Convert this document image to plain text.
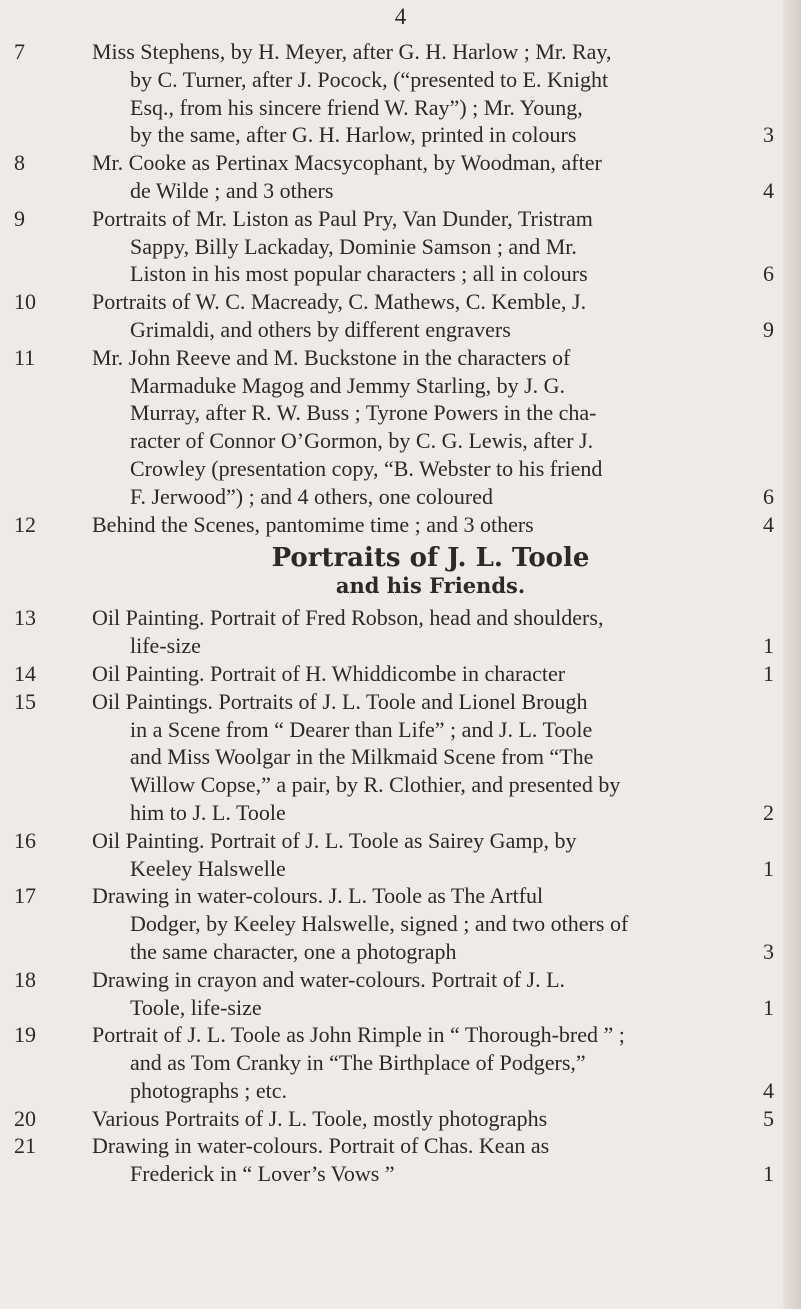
4
7	Miss Stephens, by H. Meyer, after G. H. Harlow ; Mr. Ray,
by C. Turner, after J. Pocock, (“presented to E. Knight
Esq., from his sincere friend W. Ray”) ; Mr. Young,
by the same, after G. H. Harlow, printed in colours	3
8	Mr. Cooke as Pertinax Macsycophant, by Woodman, after
de Wilde ; and 3 others	4
9	Portraits of Mr. Liston as Paul Pry, Van Dunder, Tristram
Sappy, Billy Lackaday, Dominie Samson ; and Mr.
Liston in his most popular characters ; all in colours	6
10	Portraits of W. C. Macready, C. Mathews, C. Kemble, J.
Grimaldi, and others by different engravers	9
11	Mr. John Reeve and M. Buckstone in the characters of
Marmaduke Magog and Jemmy Starling, by J. G.
Murray, after R. W. Buss ; Tyrone Powers in the cha-
racter of Connor O’Gormon, by C. G. Lewis, after J.
Crowley (presentation copy, “B. Webster to his friend
F. Jerwood”) ; and 4 others, one coloured	6
12	Behind the Scenes, pantomime time ; and 3 others	4
Portraits of J. L. Toole
and his Friends.
13	Oil Painting. Portrait of Fred Robson, head and shoulders,
life-size	1
14	Oil Painting. Portrait of H. Whiddicombe in character	1
15	Oil Paintings. Portraits of J. L. Toole and Lionel Brough
in a Scene from “ Dearer than Life” ; and J. L. Toole
and Miss Woolgar in the Milkmaid Scene from “The
Willow Copse,” a pair, by R. Clothier, and presented by
him to J. L. Toole	2
16	Oil Painting. Portrait of J. L. Toole as Sairey Gamp, by
Keeley Halswelle	1
17	Drawing in water-colours. J. L. Toole as The Artful
Dodger, by Keeley Halswelle, signed ; and two others of
the same character, one a photograph	3
18	Drawing in crayon and water-colours. Portrait of J. L.
Toole, life-size	1
19	Portrait of J. L. Toole as John Rimple in “ Thorough-bred ” ;
and as Tom Cranky in “The Birthplace of Podgers,”
photographs ; etc.	4
20	Various Portraits of J. L. Toole, mostly photographs	5
21	Drawing in water-colours. Portrait of Chas. Kean as
Frederick in “ Lover’s Vows ”	1
